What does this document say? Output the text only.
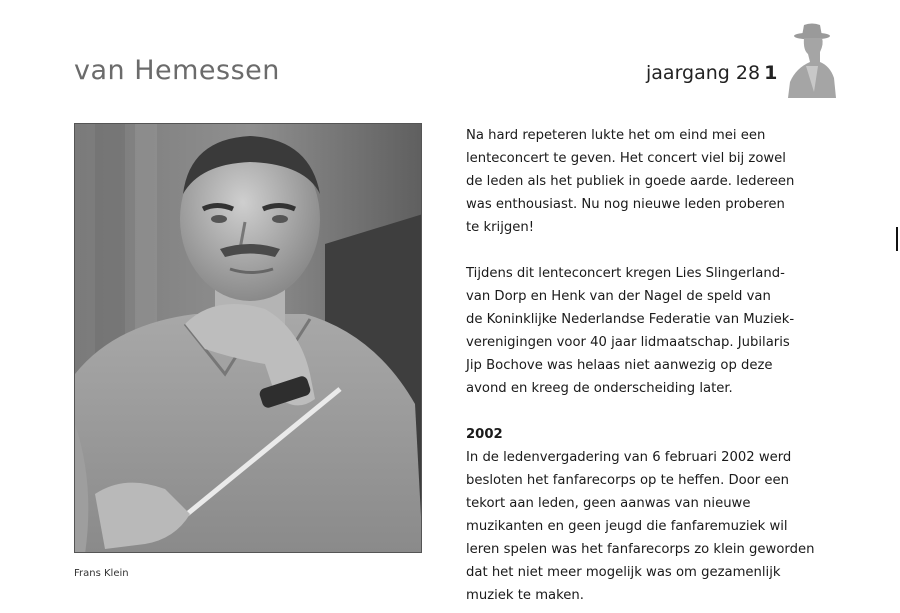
van Hemessen	jaargang 28 1
Frans Klein

Na hard repeteren lukte het om eind mei een
lenteconcert te geven. Het concert viel bij zowel
de leden als het publiek in goede aarde. Iedereen
was enthousiast. Nu nog nieuwe leden proberen
te krijgen!

Tijdens dit lenteconcert kregen Lies Slingerland-
van Dorp en Henk van der Nagel de speld van
de Koninklijke Nederlandse Federatie van Muziek-
verenigingen voor 40 jaar lidmaatschap. Jubilaris
Jip Bochove was helaas niet aanwezig op deze
avond en kreeg de onderscheiding later.

2002

In de ledenvergadering van 6 februari 2002 werd
besloten het fanfarecorps op te heffen. Door een
tekort aan leden, geen aanwas van nieuwe
muzikanten en geen jeugd die fanfaremuziek wil
leren spelen was het fanfarecorps zo klein geworden
dat het niet meer mogelijk was om gezamenlijk
muziek te maken.
